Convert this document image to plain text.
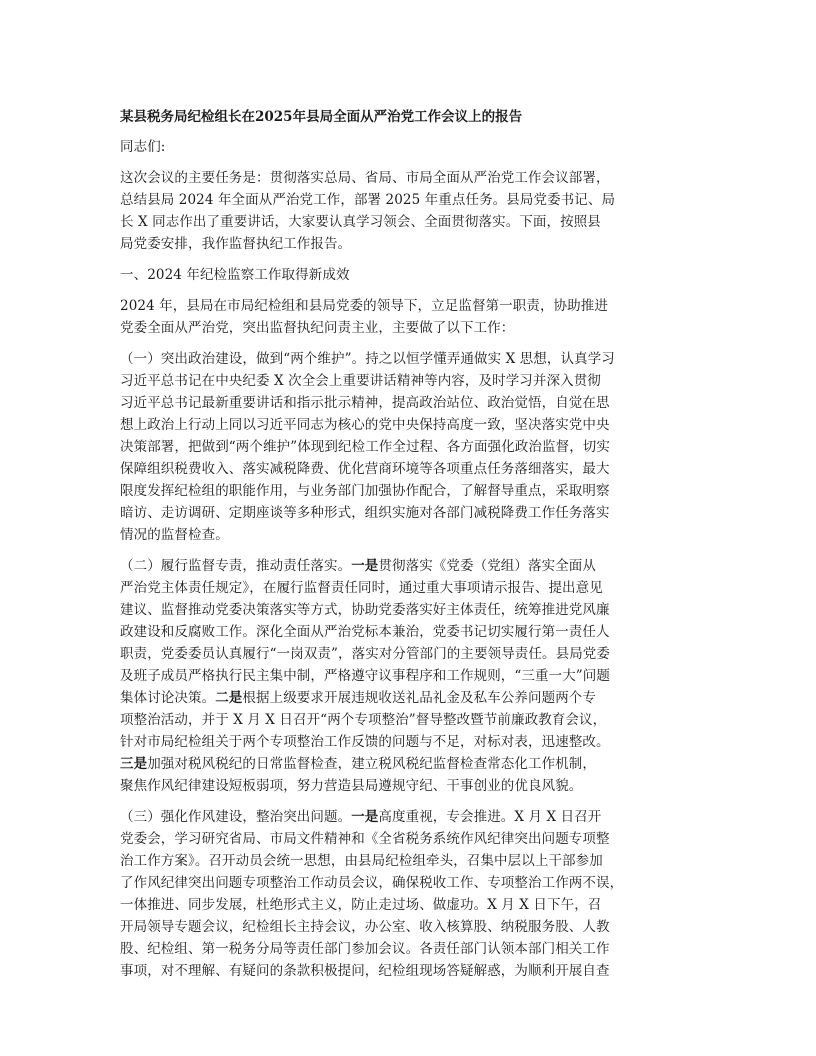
某县税务局纪检组长在2025年县局全面从严治党工作会议上的报告
同志们:
这次会议的主要任务是：贯彻落实总局、省局、市局全面从严治党工作会议部署，
总结县局 2024 年全面从严治党工作，部署 2025 年重点任务。县局党委书记、局
长 X 同志作出了重要讲话，大家要认真学习领会、全面贯彻落实。下面，按照县
局党委安排，我作监督执纪工作报告。
一、2024 年纪检监察工作取得新成效
2024 年，县局在市局纪检组和县局党委的领导下，立足监督第一职责，协助推进
党委全面从严治党，突出监督执纪问责主业，主要做了以下工作：
（一）突出政治建设，做到“两个维护”。持之以恒学懂弄通做实 X 思想，认真学习
习近平总书记在中央纪委 X 次全会上重要讲话精神等内容，及时学习并深入贯彻
习近平总书记最新重要讲话和指示批示精神，提高政治站位、政治觉悟，自觉在思
想上政治上行动上同以习近平同志为核心的党中央保持高度一致，坚决落实党中央
决策部署，把做到“两个维护”体现到纪检工作全过程、各方面强化政治监督，切实
保障组织税费收入、落实减税降费、优化营商环境等各项重点任务落细落实，最大
限度发挥纪检组的职能作用，与业务部门加强协作配合，了解督导重点，采取明察
暗访、走访调研、定期座谈等多种形式，组织实施对各部门减税降费工作任务落实
情况的监督检查。
（二）履行监督专责，推动责任落实。一是贯彻落实《党委（党组）落实全面从
严治党主体责任规定》，在履行监督责任同时，通过重大事项请示报告、提出意见
建议、监督推动党委决策落实等方式，协助党委落实好主体责任，统筹推进党风廉
政建设和反腐败工作。深化全面从严治党标本兼治，党委书记切实履行第一责任人
职责，党委委员认真履行“一岗双责”，落实对分管部门的主要领导责任。县局党委
及班子成员严格执行民主集中制，严格遵守议事程序和工作规则，“三重一大”问题
集体讨论决策。二是根据上级要求开展违规收送礼品礼金及私车公养问题两个专
项整治活动，并于 X 月 X 日召开“两个专项整治”督导整改暨节前廉政教育会议，
针对市局纪检组关于两个专项整治工作反馈的问题与不足，对标对表，迅速整改。
三是加强对税风税纪的日常监督检查，建立税风税纪监督检查常态化工作机制，
聚焦作风纪律建设短板弱项，努力营造县局遵规守纪、干事创业的优良风貌。
（三）强化作风建设，整治突出问题。一是高度重视，专会推进。X 月 X 日召开
党委会，学习研究省局、市局文件精神和《全省税务系统作风纪律突出问题专项整
治工作方案》。召开动员会统一思想，由县局纪检组牵头，召集中层以上干部参加
了作风纪律突出问题专项整治工作动员会议，确保税收工作、专项整治工作两不误，
一体推进、同步发展，杜绝形式主义，防止走过场、做虚功。X 月 X 日下午，召
开局领导专题会议，纪检组长主持会议，办公室、收入核算股、纳税服务股、人教
股、纪检组、第一税务分局等责任部门参加会议。各责任部门认领本部门相关工作
事项，对不理解、有疑问的条款积极提问，纪检组现场答疑解惑，为顺利开展自查
